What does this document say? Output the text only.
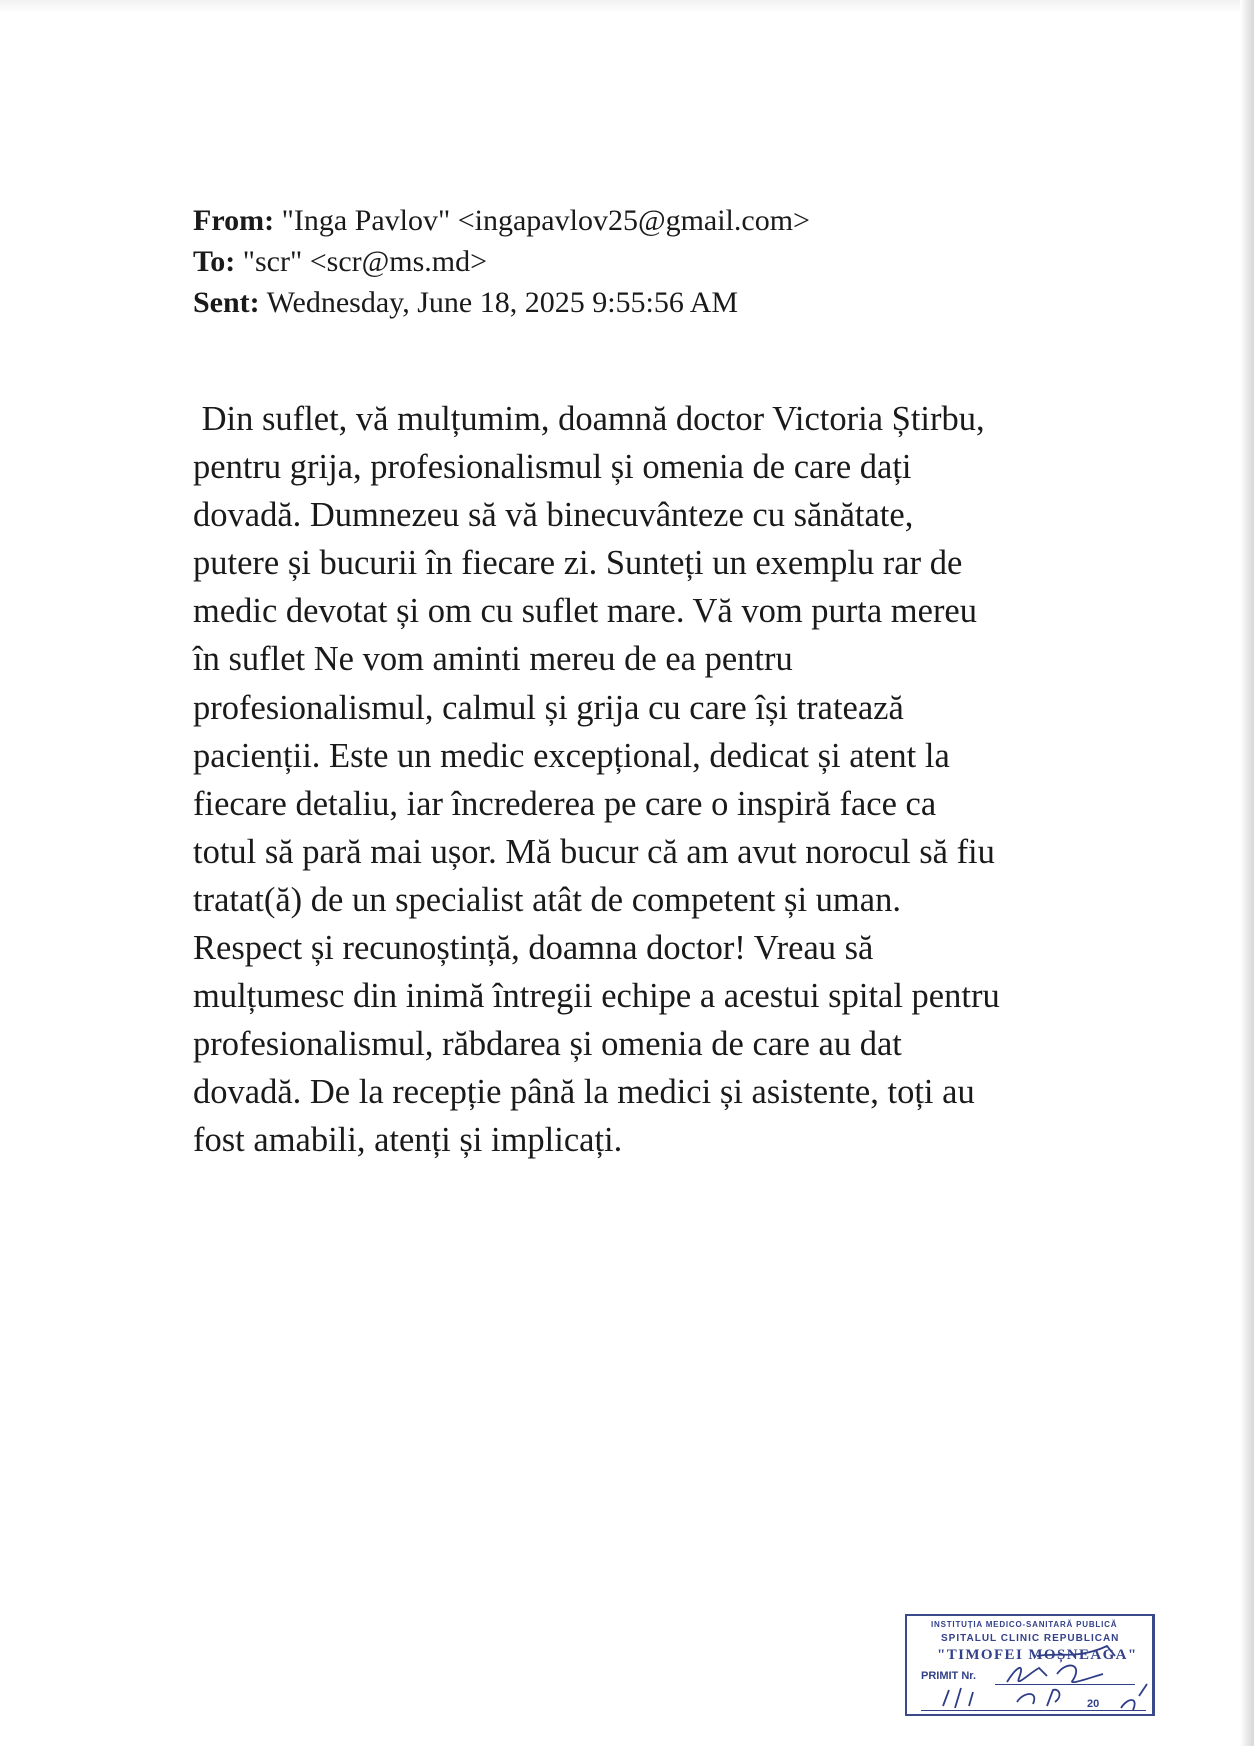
From: "Inga Pavlov" <ingapavlov25@gmail.com>
To: "scr" <scr@ms.md>
Sent: Wednesday, June 18, 2025 9:55:56 AM
Din suflet, vă mulțumim, doamnă doctor Victoria Știrbu,
pentru grija, profesionalismul și omenia de care dați
dovadă. Dumnezeu să vă binecuvânteze cu sănătate,
putere și bucurii în fiecare zi. Sunteți un exemplu rar de
medic devotat și om cu suflet mare. Vă vom purta mereu
în suflet Ne vom aminti mereu de ea pentru
profesionalismul, calmul și grija cu care își tratează
pacienții. Este un medic excepțional, dedicat și atent la
fiecare detaliu, iar încrederea pe care o inspiră face ca
totul să pară mai ușor. Mă bucur că am avut norocul să fiu
tratat(ă) de un specialist atât de competent și uman.
Respect și recunoștință, doamna doctor! Vreau să
mulțumesc din inimă întregii echipe a acestui spital pentru
profesionalismul, răbdarea și omenia de care au dat
dovadă. De la recepție până la medici și asistente, toți au
fost amabili, atenți și implicați.
INSTITUȚIA MEDICO-SANITARĂ PUBLICĂ
SPITALUL CLINIC REPUBLICAN
"TIMOFEI MOȘNEAGA"
PRIMIT Nr.
20
